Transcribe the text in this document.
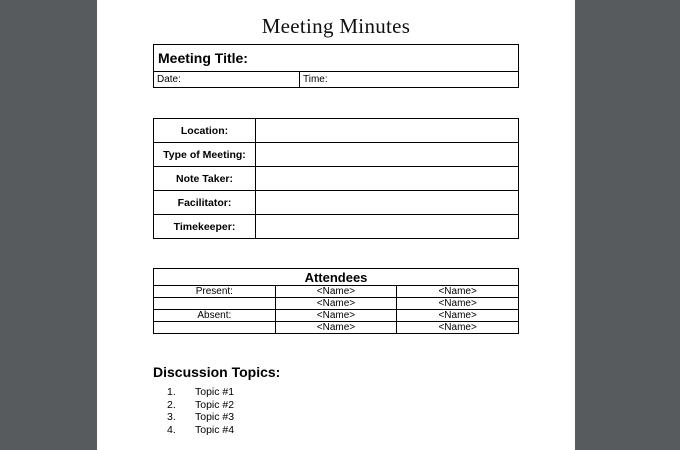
Meeting Minutes
Meeting Title:
Date:	Time:
Location:	
Type of Meeting:	
Note Taker:	
Facilitator:	
Timekeeper:	
Attendees		
Present:	<Name>	<Name>
	<Name>	<Name>
Absent:	<Name>	<Name>
	<Name>	<Name>
Discussion Topics:
1. Topic #1
2. Topic #2
3. Topic #3
4. Topic #4
